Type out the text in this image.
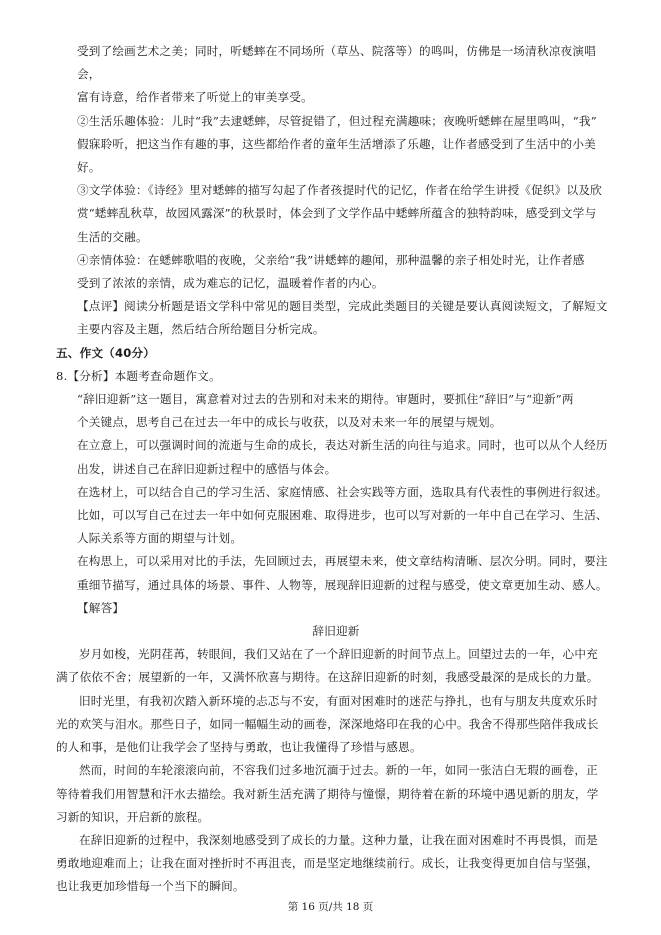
受到了绘画艺术之美；同时，听蟋蟀在不同场所（草丛、院落等）的鸣叫，仿佛是一场清秋凉夜演唱会，

富有诗意，给作者带来了听觉上的审美享受。

②生活乐趣体验：儿时“我”去逮蟋蟀，尽管捉错了，但过程充满趣味；夜晚听蟋蟀在屋里鸣叫，“我”

假寐聆听，把这当作有趣的事，这些都给作者的童年生活增添了乐趣，让作者感受到了生活中的小美好。

③文学体验：《诗经》里对蟋蟀的描写勾起了作者孩提时代的记忆，作者在给学生讲授《促织》以及欣

赏“蟋蟀乱秋草，故园风露深”的秋景时，体会到了文学作品中蟋蟀所蕴含的独特韵味，感受到文学与

生活的交融。

④亲情体验：在蟋蟀歌唱的夜晚，父亲给“我”讲蟋蟀的趣闻，那种温馨的亲子相处时光，让作者感

受到了浓浓的亲情，成为难忘的记忆，温暖着作者的内心。

【点评】阅读分析题是语文学科中常见的题目类型，完成此类题目的关键是要认真阅读短文，了解短文

主要内容及主题，然后结合所给题目分析完成。

五、作文（40分）

8.【分析】本题考查命题作文。

“辞旧迎新”这一题目，寓意着对过去的告别和对未来的期待。审题时，要抓住“辞旧”与“迎新”两

个关键点，思考自己在过去一年中的成长与收获，以及对未来一年的展望与规划。

在立意上，可以强调时间的流逝与生命的成长，表达对新生活的向往与追求。同时，也可以从个人经历

出发，讲述自己在辞旧迎新过程中的感悟与体会。

在选材上，可以结合自己的学习生活、家庭情感、社会实践等方面，选取具有代表性的事例进行叙述。

比如，可以写自己在过去一年中如何克服困难、取得进步，也可以写对新的一年中自己在学习、生活、

人际关系等方面的期望与计划。

在构思上，可以采用对比的手法，先回顾过去，再展望未来，使文章结构清晰、层次分明。同时，要注

重细节描写，通过具体的场景、事件、人物等，展现辞旧迎新的过程与感受，使文章更加生动、感人。

【解答】

辞旧迎新

岁月如梭，光阴荏苒，转眼间，我们又站在了一个辞旧迎新的时间节点上。回望过去的一年，心中充

满了依依不舍；展望新的一年，又满怀欣喜与期待。在这辞旧迎新的时刻，我感受最深的是成长的力量。

旧时光里，有我初次踏入新环境的忐忑与不安，有面对困难时的迷茫与挣扎，也有与朋友共度欢乐时

光的欢笑与泪水。那些日子，如同一幅幅生动的画卷，深深地烙印在我的心中。我舍不得那些陪伴我成长

的人和事，是他们让我学会了坚持与勇敢，也让我懂得了珍惜与感恩。

然而，时间的车轮滚滚向前，不容我们过多地沉湎于过去。新的一年，如同一张洁白无瑕的画卷，正

等待着我们用智慧和汗水去描绘。我对新生活充满了期待与憧憬，期待着在新的环境中遇见新的朋友，学

习新的知识，开启新的旅程。

在辞旧迎新的过程中，我深刻地感受到了成长的力量。这种力量，让我在面对困难时不再畏惧，而是

勇敢地迎难而上；让我在面对挫折时不再沮丧，而是坚定地继续前行。成长，让我变得更加自信与坚强，

也让我更加珍惜每一个当下的瞬间。

第 16 页/共 18 页
